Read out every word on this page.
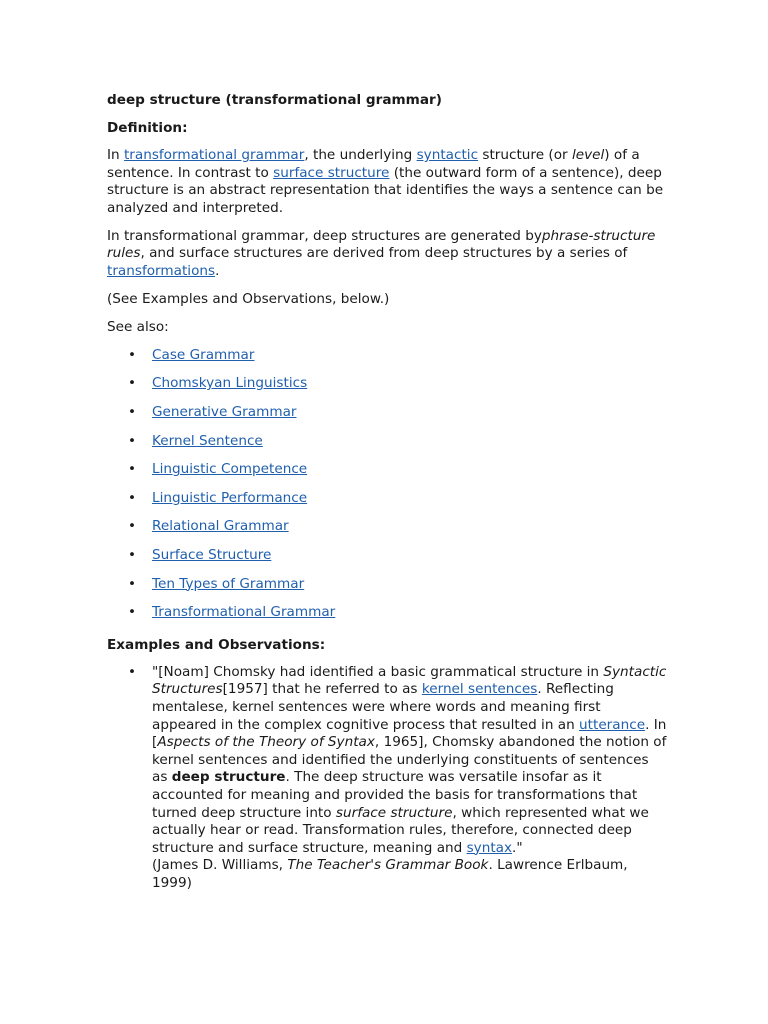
deep structure (transformational grammar)
Definition:

In transformational grammar, the underlying syntactic structure (or level) of a sentence. In contrast to surface structure (the outward form of a sentence), deep structure is an abstract representation that identifies the ways a sentence can be analyzed and interpreted.

In transformational grammar, deep structures are generated byphrase-structure rules, and surface structures are derived from deep structures by a series of transformations.

(See Examples and Observations, below.)

See also:

• Case Grammar
• Chomskyan Linguistics
• Generative Grammar
• Kernel Sentence
• Linguistic Competence
• Linguistic Performance
• Relational Grammar
• Surface Structure
• Ten Types of Grammar
• Transformational Grammar
Examples and Observations:
• "[Noam] Chomsky had identified a basic grammatical structure in Syntactic Structures[1957] that he referred to as kernel sentences. Reflecting mentalese, kernel sentences were where words and meaning first appeared in the complex cognitive process that resulted in an utterance. In [Aspects of the Theory of Syntax, 1965], Chomsky abandoned the notion of kernel sentences and identified the underlying constituents of sentences as deep structure. The deep structure was versatile insofar as it accounted for meaning and provided the basis for transformations that turned deep structure into surface structure, which represented what we actually hear or read. Transformation rules, therefore, connected deep structure and surface structure, meaning and syntax."
(James D. Williams, The Teacher's Grammar Book. Lawrence Erlbaum, 1999)
